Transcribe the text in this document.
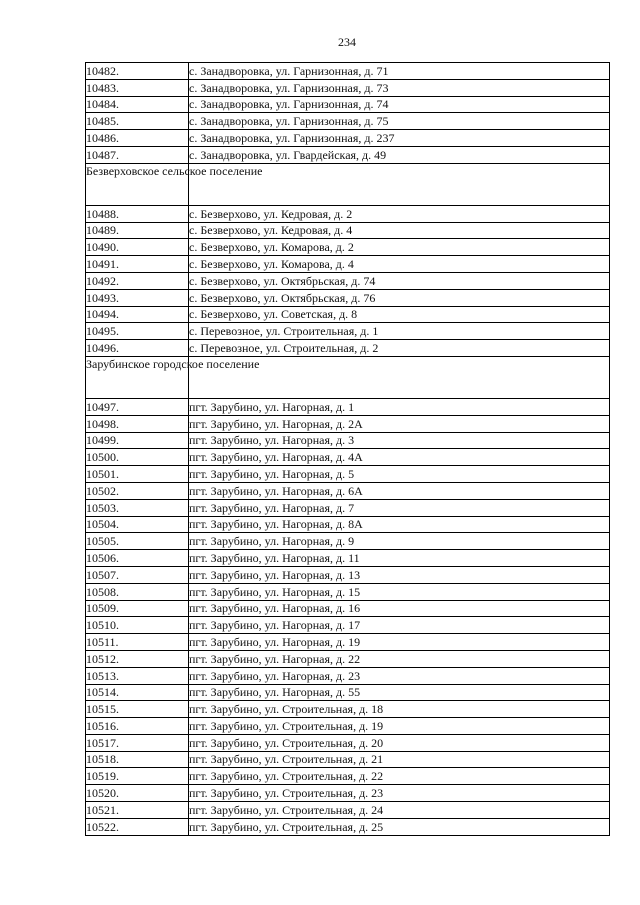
234
10482.	с. Занадворовка, ул. Гарнизонная, д. 71
10483.	с. Занадворовка, ул. Гарнизонная, д. 73
10484.	с. Занадворовка, ул. Гарнизонная, д. 74
10485.	с. Занадворовка, ул. Гарнизонная, д. 75
10486.	с. Занадворовка, ул. Гарнизонная, д. 237
10487.	с. Занадворовка, ул. Гвардейская, д. 49
Безверховское сельское поселение	
10488.	с. Безверхово, ул. Кедровая, д. 2
10489.	с. Безверхово, ул. Кедровая, д. 4
10490.	с. Безверхово, ул. Комарова, д. 2
10491.	с. Безверхово, ул. Комарова, д. 4
10492.	с. Безверхово, ул. Октябрьская, д. 74
10493.	с. Безверхово, ул. Октябрьская, д. 76
10494.	с. Безверхово, ул. Советская, д. 8
10495.	с. Перевозное, ул. Строительная, д. 1
10496.	с. Перевозное, ул. Строительная, д. 2
Зарубинское городское поселение	
10497.	пгт. Зарубино, ул. Нагорная, д. 1
10498.	пгт. Зарубино, ул. Нагорная, д. 2А
10499.	пгт. Зарубино, ул. Нагорная, д. 3
10500.	пгт. Зарубино, ул. Нагорная, д. 4А
10501.	пгт. Зарубино, ул. Нагорная, д. 5
10502.	пгт. Зарубино, ул. Нагорная, д. 6А
10503.	пгт. Зарубино, ул. Нагорная, д. 7
10504.	пгт. Зарубино, ул. Нагорная, д. 8А
10505.	пгт. Зарубино, ул. Нагорная, д. 9
10506.	пгт. Зарубино, ул. Нагорная, д. 11
10507.	пгт. Зарубино, ул. Нагорная, д. 13
10508.	пгт. Зарубино, ул. Нагорная, д. 15
10509.	пгт. Зарубино, ул. Нагорная, д. 16
10510.	пгт. Зарубино, ул. Нагорная, д. 17
10511.	пгт. Зарубино, ул. Нагорная, д. 19
10512.	пгт. Зарубино, ул. Нагорная, д. 22
10513.	пгт. Зарубино, ул. Нагорная, д. 23
10514.	пгт. Зарубино, ул. Нагорная, д. 55
10515.	пгт. Зарубино, ул. Строительная, д. 18
10516.	пгт. Зарубино, ул. Строительная, д. 19
10517.	пгт. Зарубино, ул. Строительная, д. 20
10518.	пгт. Зарубино, ул. Строительная, д. 21
10519.	пгт. Зарубино, ул. Строительная, д. 22
10520.	пгт. Зарубино, ул. Строительная, д. 23
10521.	пгт. Зарубино, ул. Строительная, д. 24
10522.	пгт. Зарубино, ул. Строительная, д. 25
